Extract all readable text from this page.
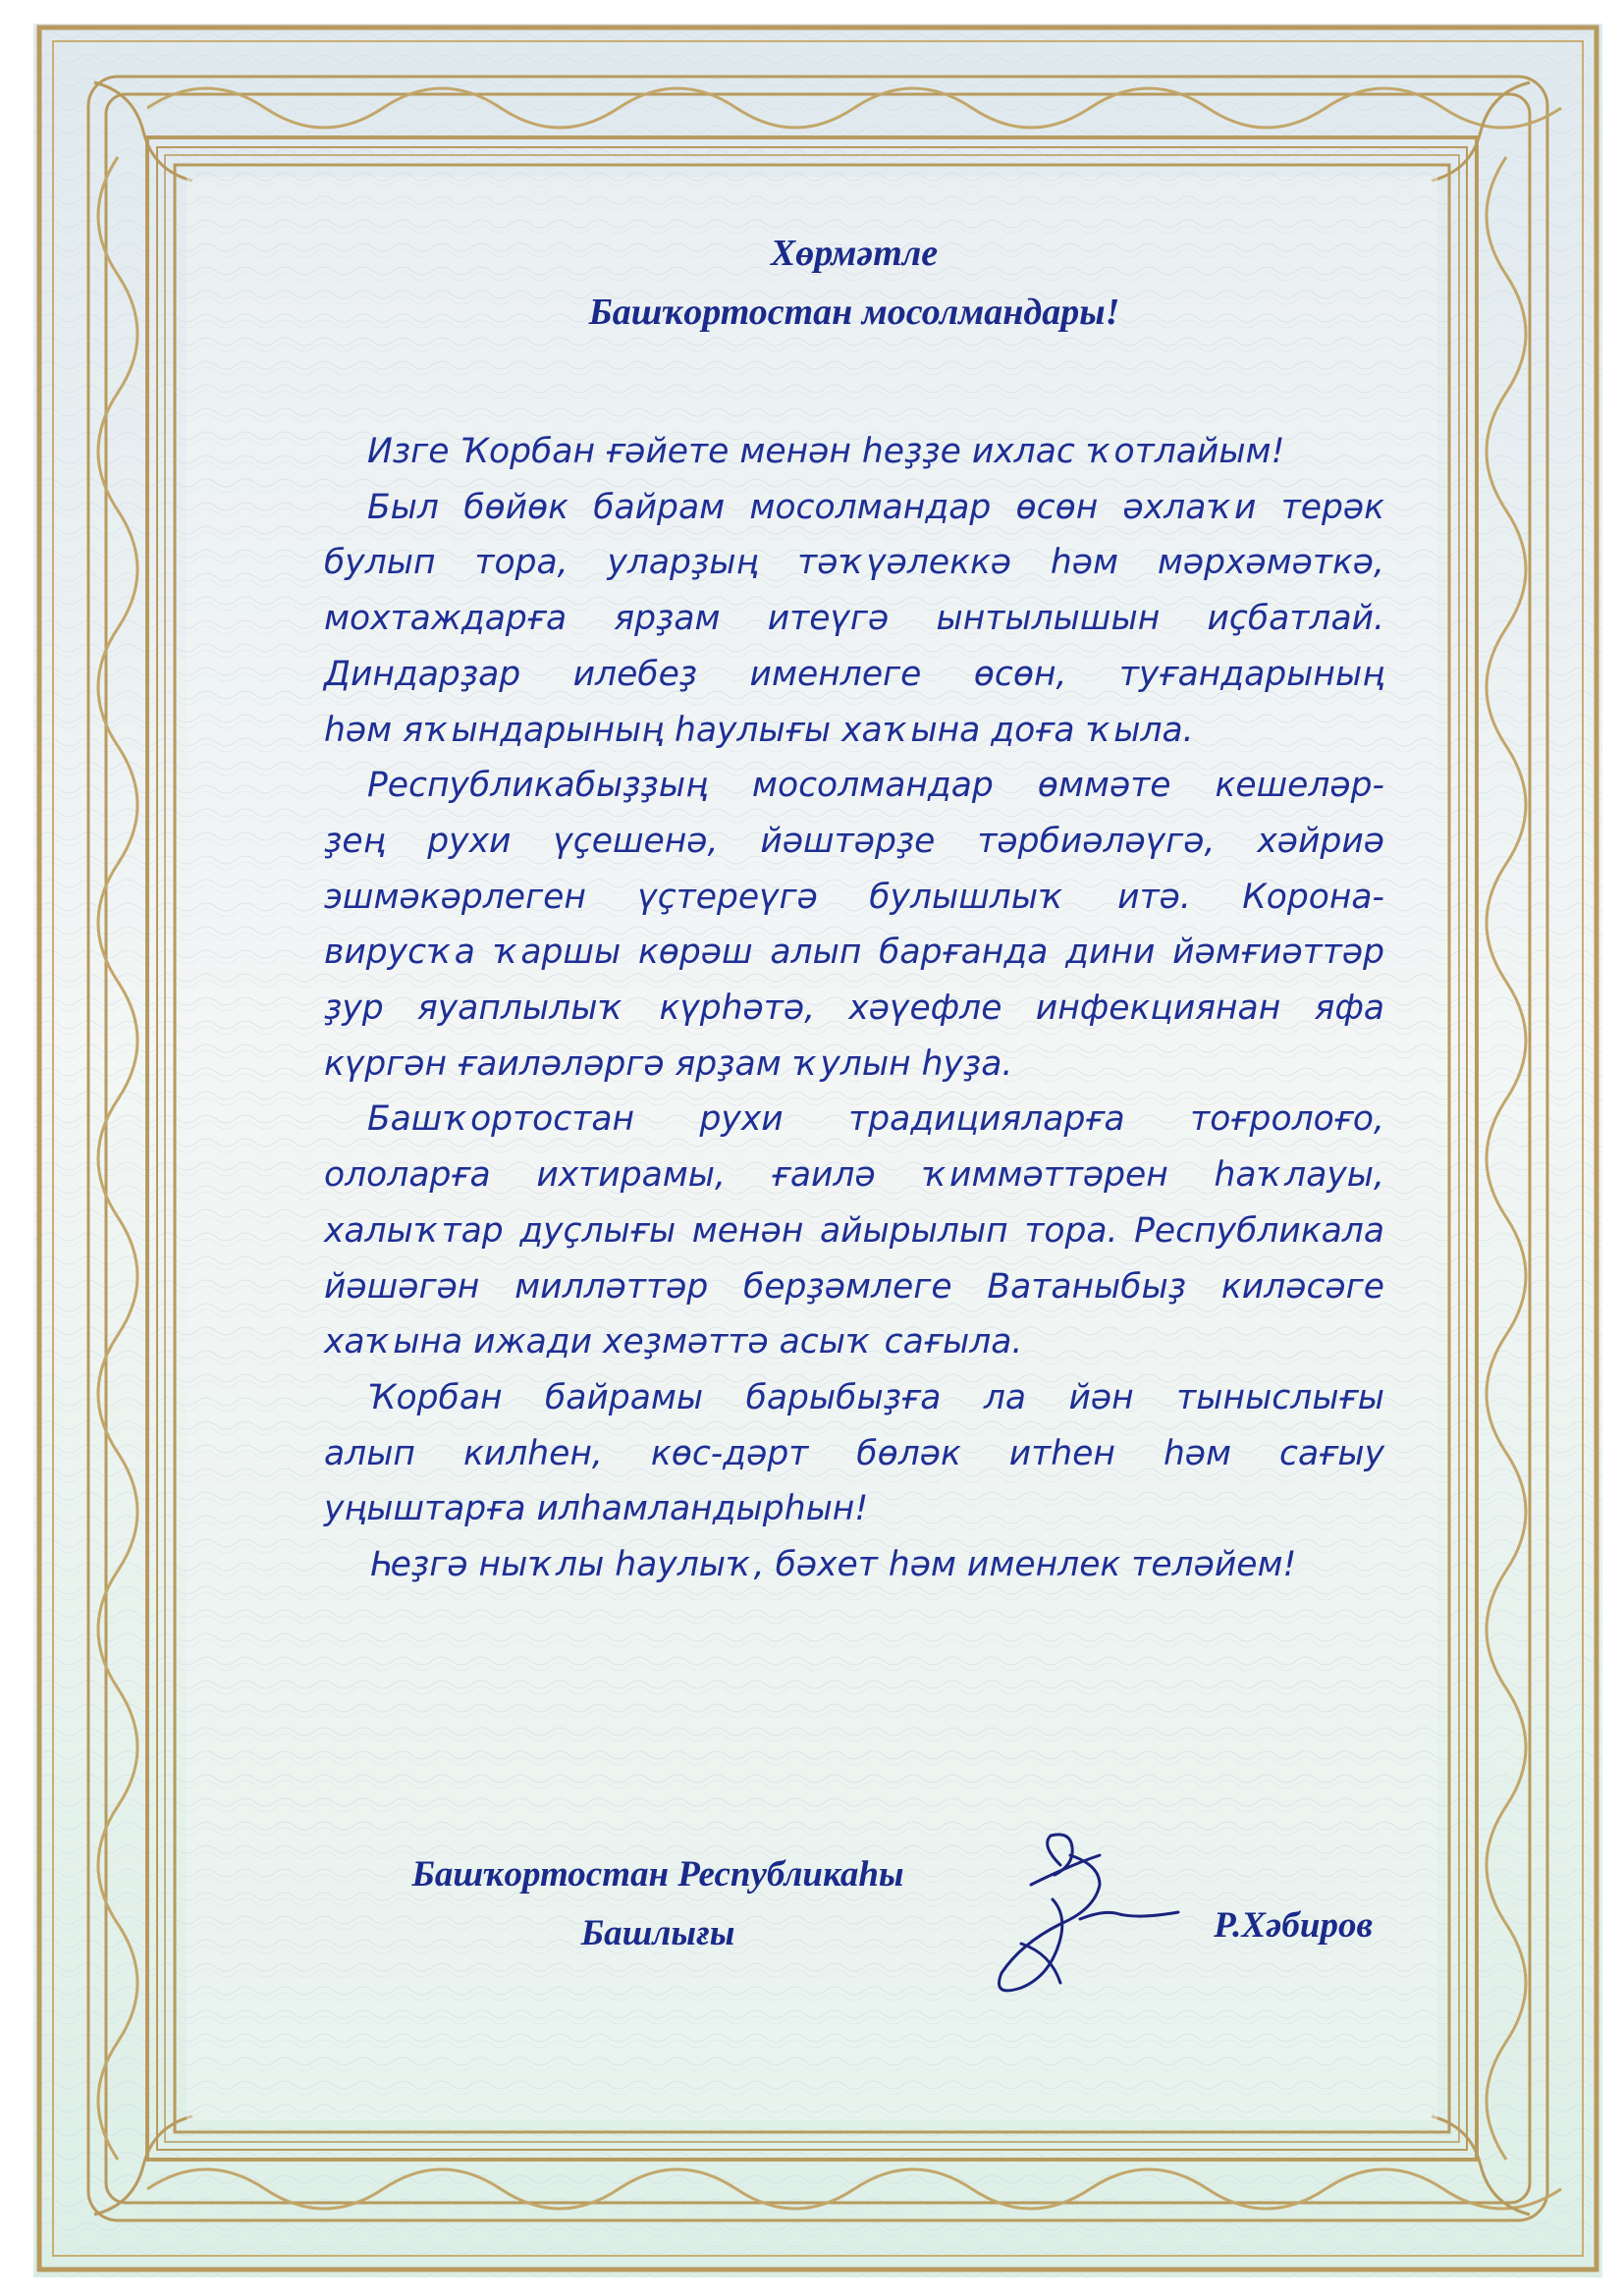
Хөрмәтле
Башҡортостан мосолмандары!
Изге Ҡорбан ғәйете менән һеҙҙе ихлас ҡотлайым!
Был бөйөк байрам мосолмандар өсөн әхлаҡи терәк
булып тора, уларҙың тәҡүәлеккә һәм мәрхәмәткә,
мохтаждарға ярҙам итеүгә ынтылышын иҫбатлай.
Диндарҙар илебеҙ именлеге өсөн, туғандарының
һәм яҡындарының һаулығы хаҡына доға ҡыла.
Республикабыҙҙың мосолмандар өммәте кешеләр-
ҙең рухи үҫешенә, йәштәрҙе тәрбиәләүгә, хәйриә
эшмәкәрлеген үҫтереүгә булышлыҡ итә. Корона-
вирусҡа ҡаршы көрәш алып барғанда дини йәмғиәттәр
ҙур яуаплылыҡ күрһәтә, хәүефле инфекциянан яфа
күргән ғаиләләргә ярҙам ҡулын һуҙа.
Башҡортостан рухи традицияларға тоғролоғо,
ололарға ихтирамы, ғаилә ҡиммәттәрен һаҡлауы,
халыҡтар дуҫлығы менән айырылып тора. Республикала
йәшәгән милләттәр берҙәмлеге Ватаныбыҙ киләсәге
хаҡына ижади хеҙмәттә асыҡ сағыла.
Ҡорбан байрамы барыбыҙға ла йән тыныслығы
алып килһен, көс-дәрт бөләк итһен һәм сағыу
уңыштарға илһамландырһын!
Һеҙгә ныҡлы һаулыҡ, бәхет һәм именлек теләйем!
Башҡортостан Республикаһы
Башлығы	Р.Хәбиров
